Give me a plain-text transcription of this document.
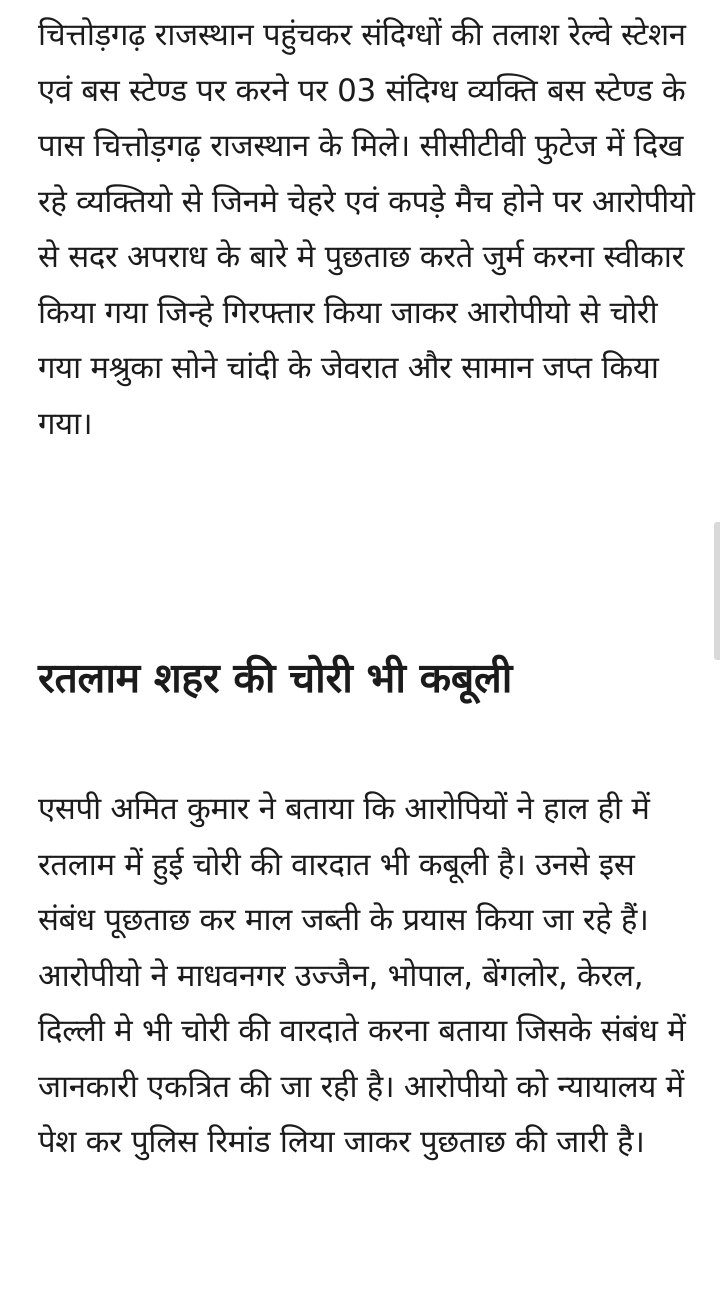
चित्तोड़गढ़ राजस्थान पहुंचकर संदिग्धों की तलाश रेल्वे स्टेशन एवं बस स्टेण्ड पर करने पर 03 संदिग्ध व्यक्ति बस स्टेण्ड के पास चित्तोड़गढ़ राजस्थान के मिले। सीसीटीवी फुटेज में दिख रहे व्यक्तियो से जिनमे चेहरे एवं कपड़े मैच होने पर आरोपीयो से सदर अपराध के बारे मे पुछताछ करते जुर्म करना स्वीकार किया गया जिन्हे गिरफ्तार किया जाकर आरोपीयो से चोरी गया मश्रुका सोने चांदी के जेवरात और सामान जप्त किया गया।

रतलाम शहर की चोरी भी कबूली

एसपी अमित कुमार ने बताया कि आरोपियों ने हाल ही में रतलाम में हुई चोरी की वारदात भी कबूली है। उनसे इस संबंध पूछताछ कर माल जब्ती के प्रयास किया जा रहे हैं।आरोपीयो ने माधवनगर उज्जैन, भोपाल, बेंगलोर, केरल, दिल्ली मे भी चोरी की वारदाते करना बताया जिसके संबंध में जानकारी एकत्रित की जा रही है। आरोपीयो को न्यायालय में पेश कर पुलिस रिमांड लिया जाकर पुछताछ की जारी है।
